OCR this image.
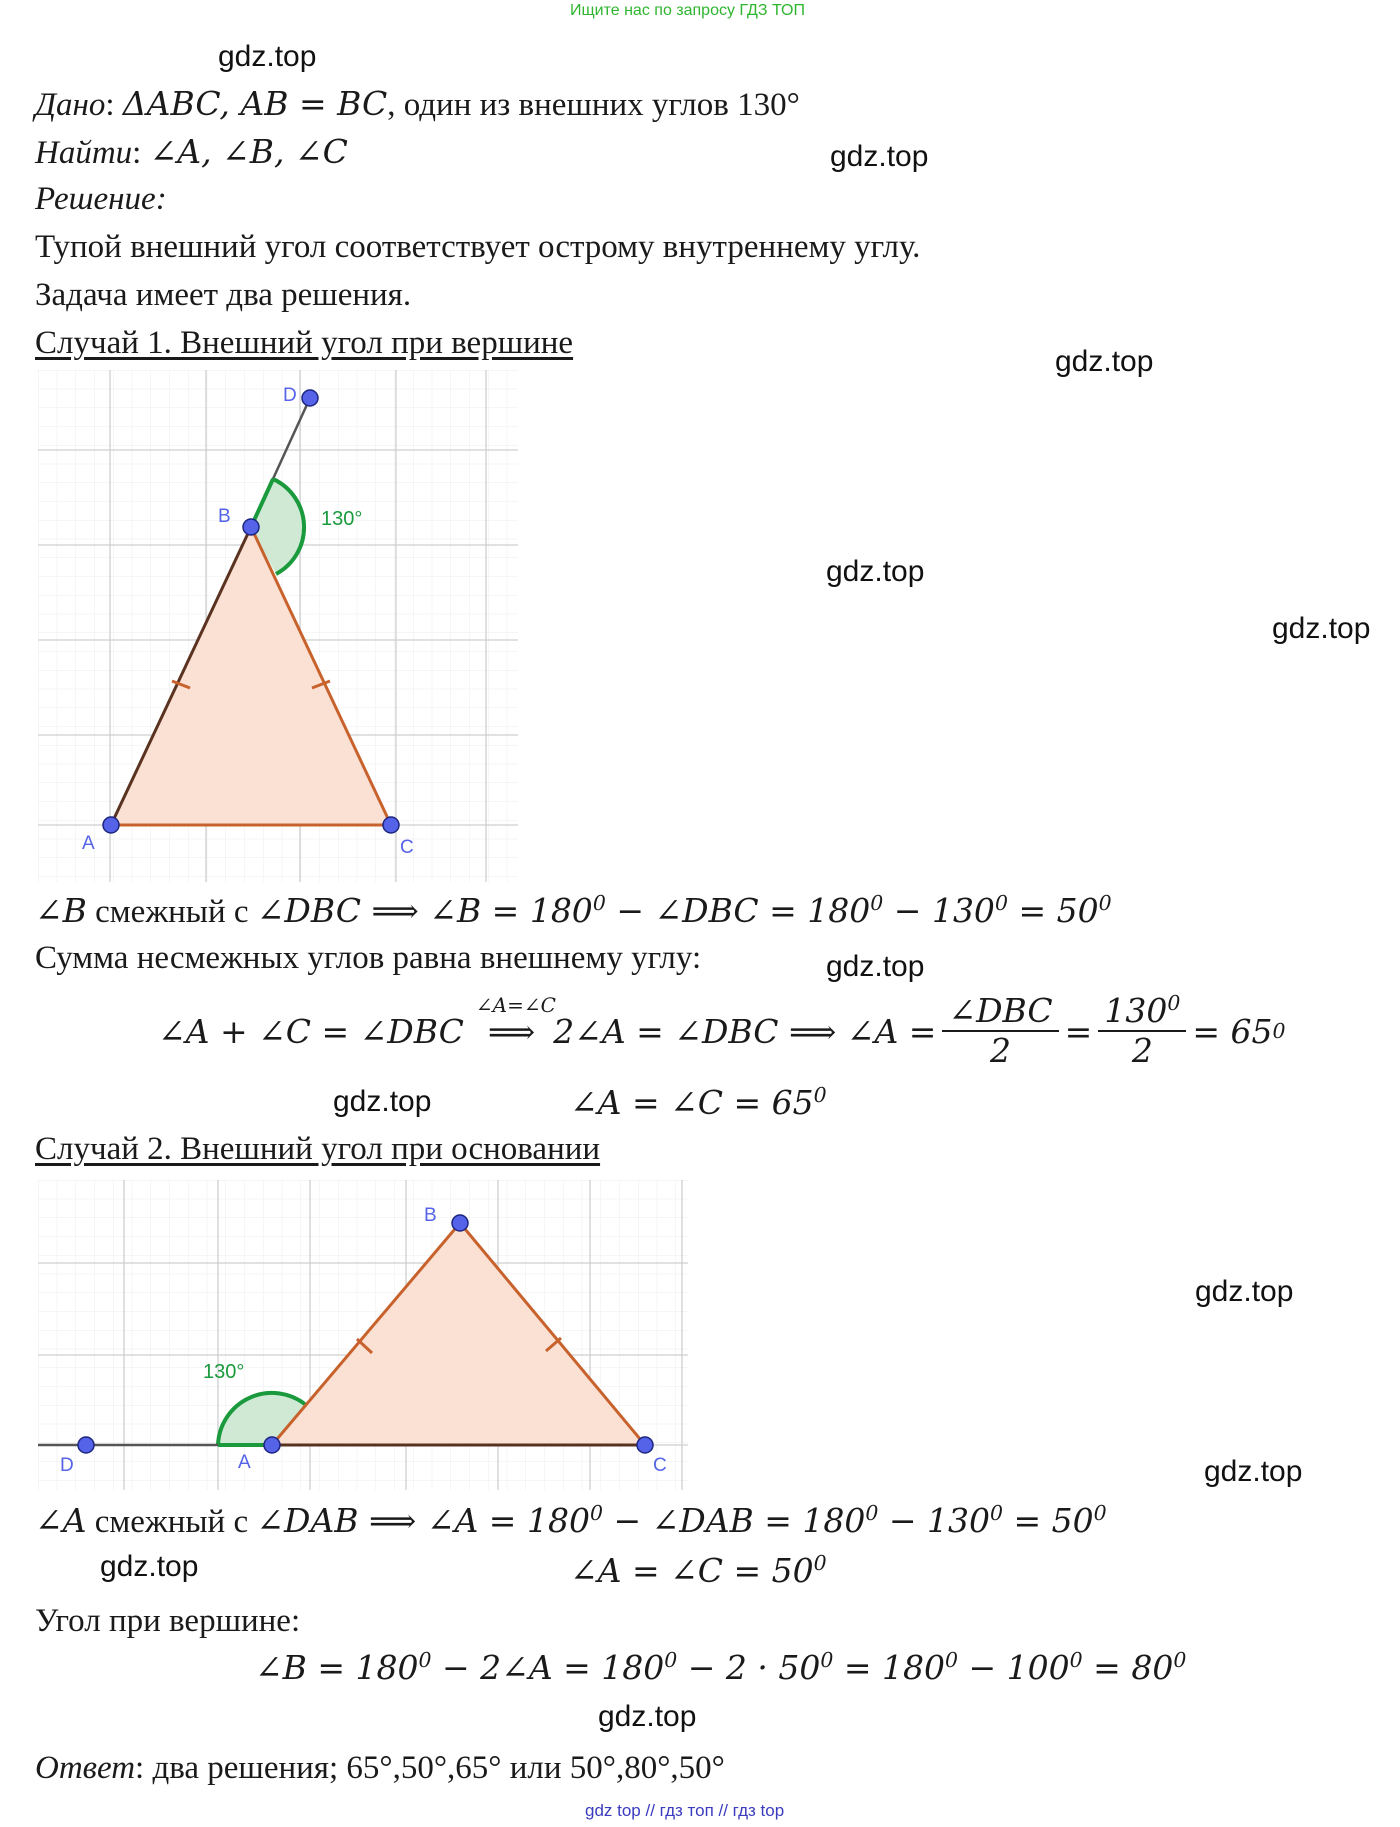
Ищите нас по запросу ГДЗ ТОП
gdz.top
gdz.top
gdz.top
gdz.top
gdz.top
gdz.top
gdz.top
gdz.top
gdz.top
gdz.top
gdz.top
Дано: ΔABC, AB = BC, один из внешних углов 130°
Найти: ∠A, ∠B, ∠C
Решение:
Тупой внешний угол соответствует острому внутреннему углу.
Задача имеет два решения.
Случай 1. Внешний угол при вершине
A
B
C
D
130°
∠B смежный с ∠DBC ⟹ ∠B = $180^0$ − ∠DBC = $180^0 - 130^0 = 50^0$
Сумма несмежных углов равна внешнему углу:
∠A + ∠C = ∠DBC
∠A=∠C
⟹ 2∠A = ∠DBC ⟹ ∠A = $\frac{\text{∠DBC}}{2} = \frac{130^0}{2} = 65$ 0
∠A = ∠C = $65^0$
Случай 2. Внешний угол при основании
A
B
C
D
130°
∠A смежный с ∠DAB ⟹ ∠A = $180^0$ − ∠DAB = $180^0 - 130^0 = 50^0$
∠A = ∠C = $50^0$
Угол при вершине:
∠B = $180^0$ − 2∠A = $180^0 - 2 \cdot 50^0 = 180^0 - 100^0 = 80^0$
Ответ: два решения; 65°,50°,65° или 50°,80°,50°
gdz top // гдз топ // гдз top
